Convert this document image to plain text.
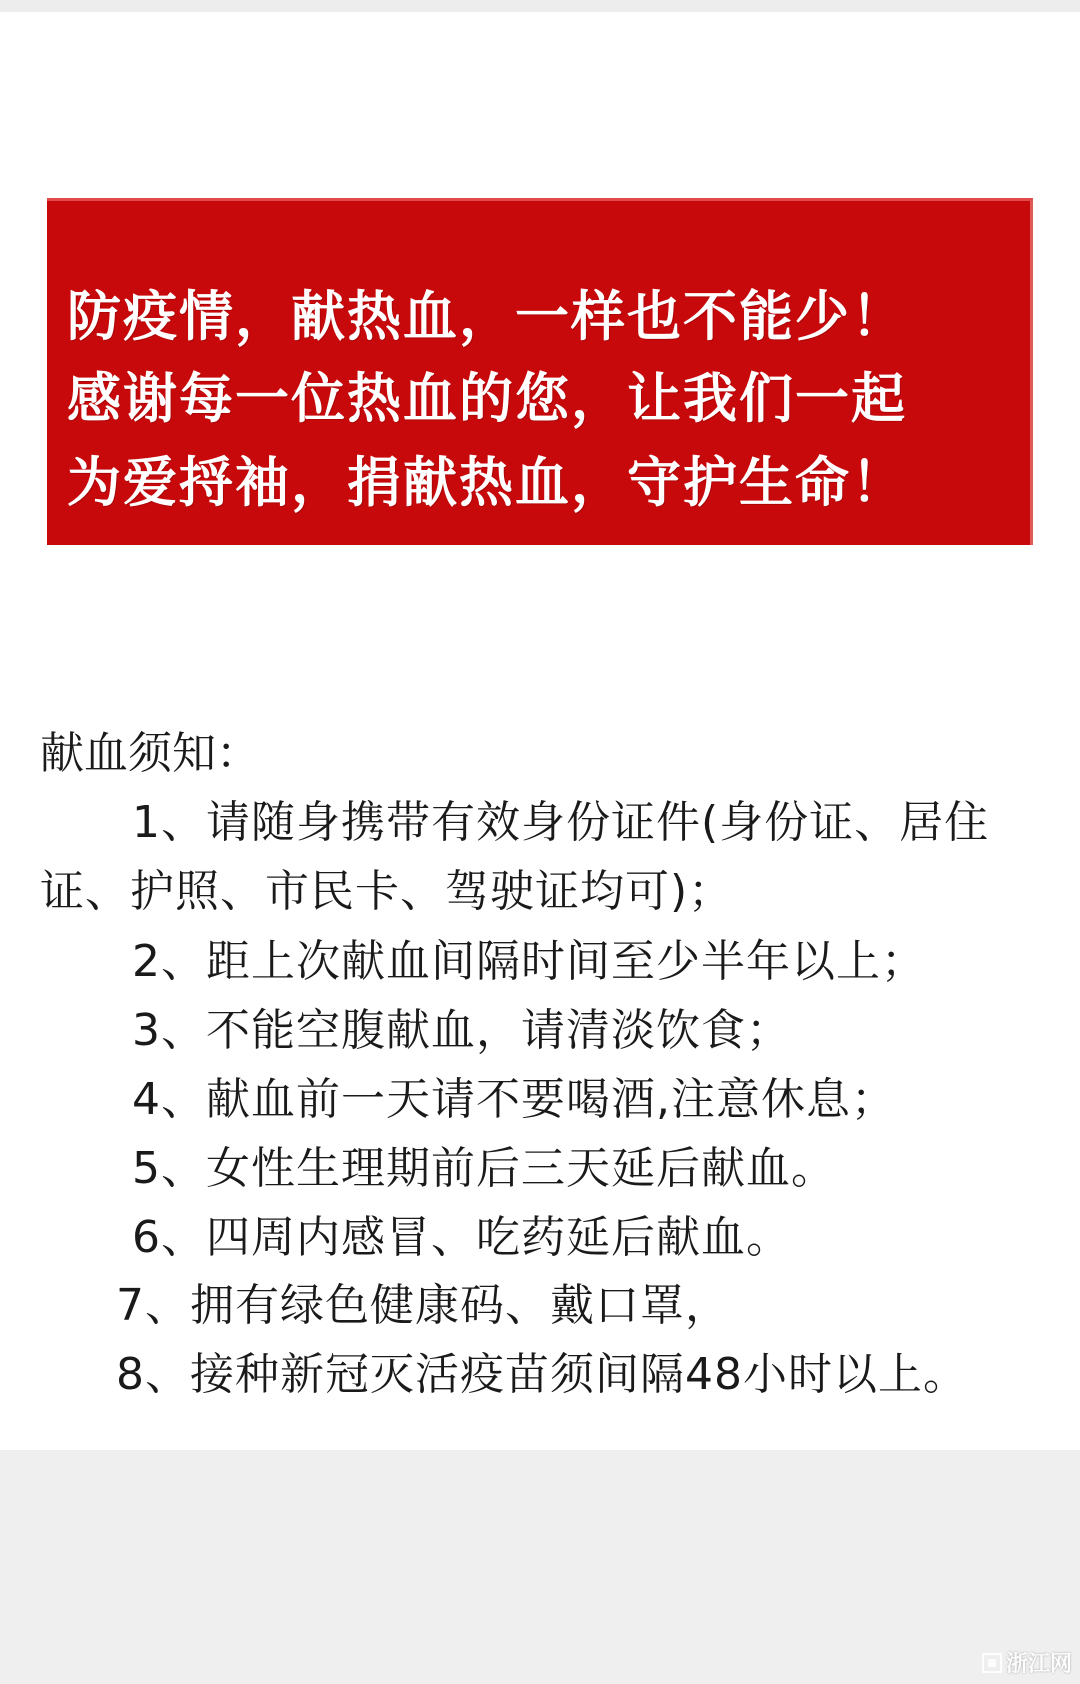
防疫情，献热血，一样也不能少！
感谢每一位热血的您，让我们一起
为爱捋袖，捐献热血，守护生命！
献血须知：
1、请随身携带有效身份证件(身份证、居住
证、护照、市民卡、驾驶证均可)；
2、距上次献血间隔时间至少半年以上；
3、不能空腹献血，请清淡饮食；
4、献血前一天请不要喝酒,注意休息；
5、女性生理期前后三天延后献血。
6、四周内感冒、吃药延后献血。
7、拥有绿色健康码、戴口罩，
8、接种新冠灭活疫苗须间隔48小时以上。
浙江网
